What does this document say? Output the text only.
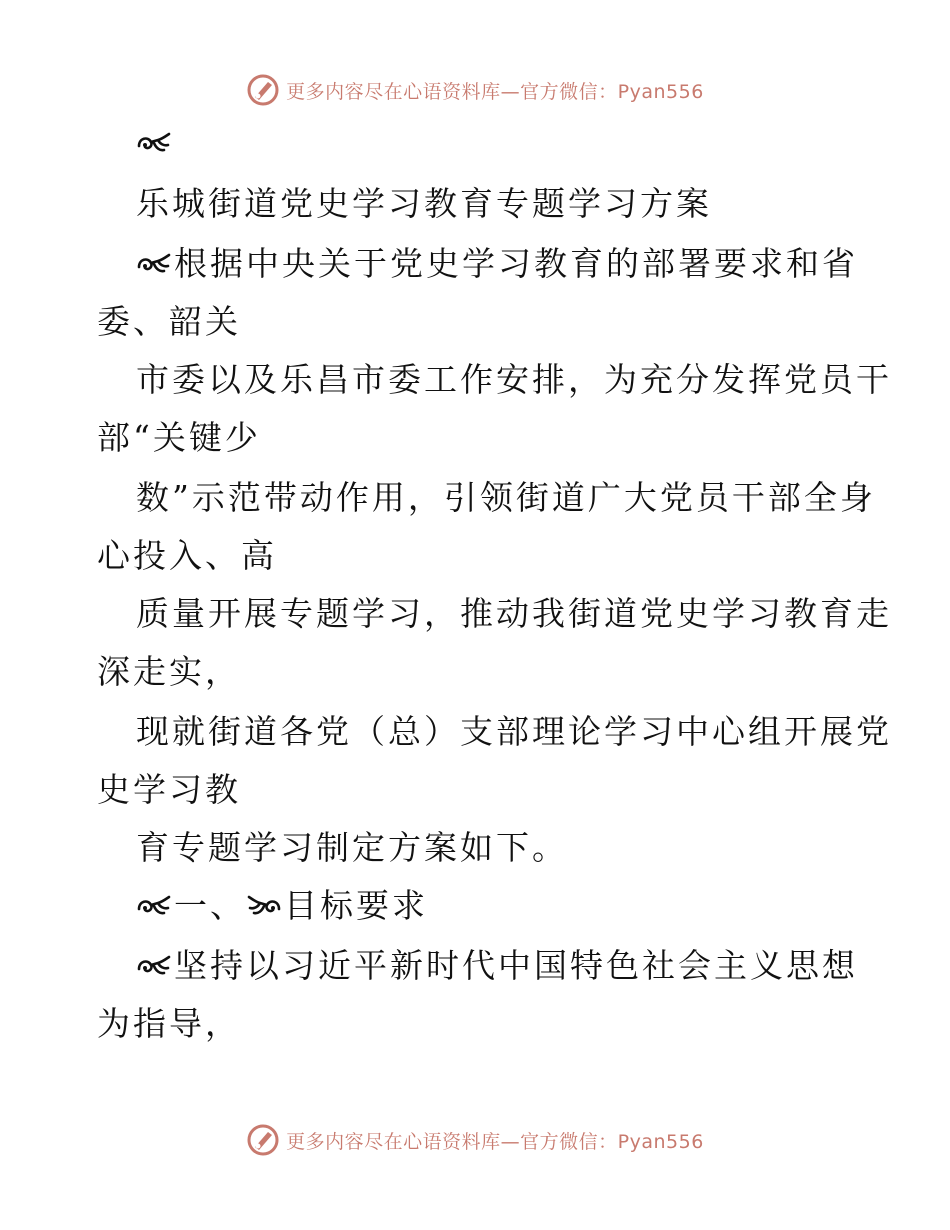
更多内容尽在心语资料库—官方微信：Pyan556
乐城街道党史学习教育专题学习方案
根据中央关于党史学习教育的部署要求和省
委、韶关
市委以及乐昌市委工作安排，为充分发挥党员干
部“关键少
数”示范带动作用，引领街道广大党员干部全身
心投入、高
质量开展专题学习，推动我街道党史学习教育走
深走实，
现就街道各党（总）支部理论学习中心组开展党
史学习教
育专题学习制定方案如下。
一、 目标要求
坚持以习近平新时代中国特色社会主义思想
为指导，
更多内容尽在心语资料库—官方微信：Pyan556
